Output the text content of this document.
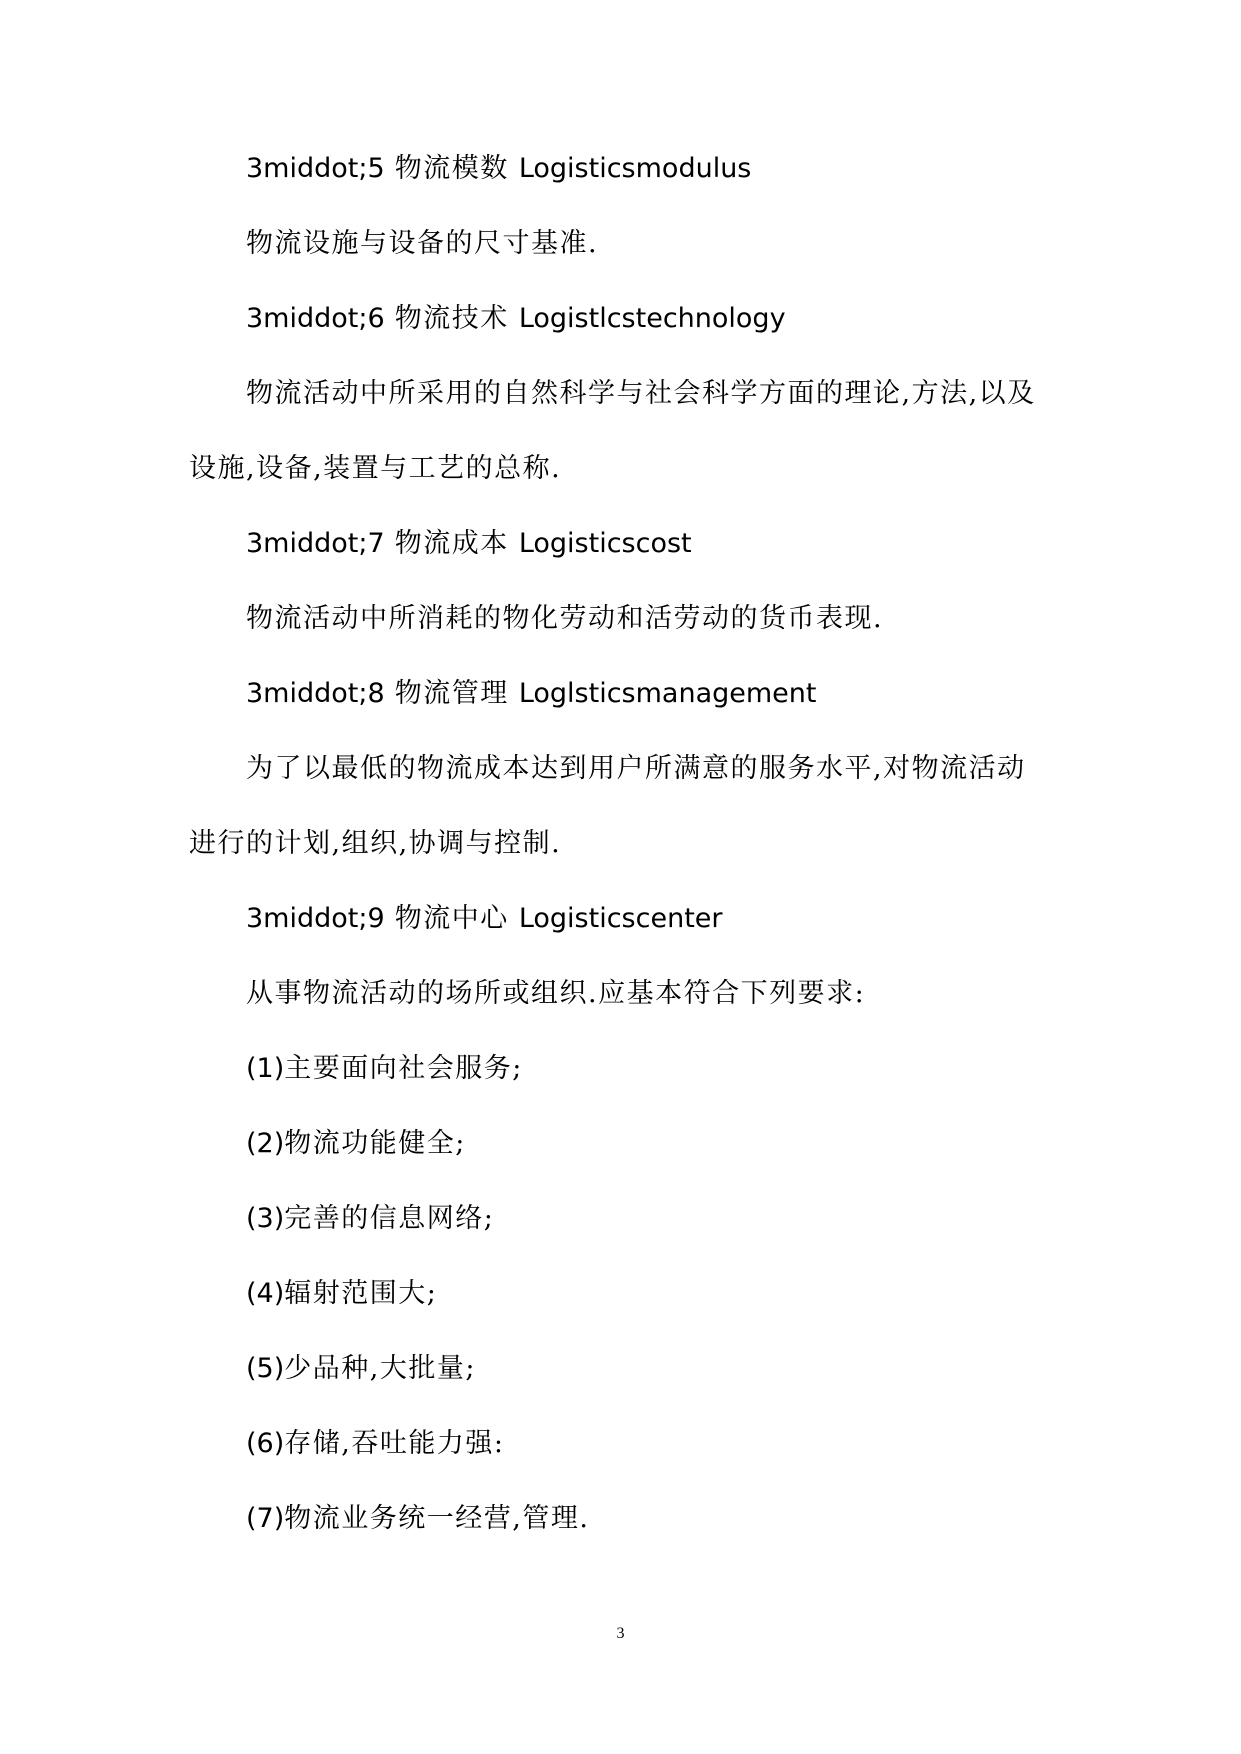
3middot;5 物流模数 Logisticsmodulus
物流设施与设备的尺寸基准.
3middot;6 物流技术 Logistlcstechnology
物流活动中所采用的自然科学与社会科学方面的理论,方法,以及
设施,设备,装置与工艺的总称.
3middot;7 物流成本 Logisticscost
物流活动中所消耗的物化劳动和活劳动的货币表现.
3middot;8 物流管理 Loglsticsmanagement
为了以最低的物流成本达到用户所满意的服务水平,对物流活动
进行的计划,组织,协调与控制.
3middot;9 物流中心 Logisticscenter
从事物流活动的场所或组织.应基本符合下列要求:
(1)主要面向社会服务;
(2)物流功能健全;
(3)完善的信息网络;
(4)辐射范围大;
(5)少品种,大批量;
(6)存储,吞吐能力强:
(7)物流业务统一经营,管理.
3
